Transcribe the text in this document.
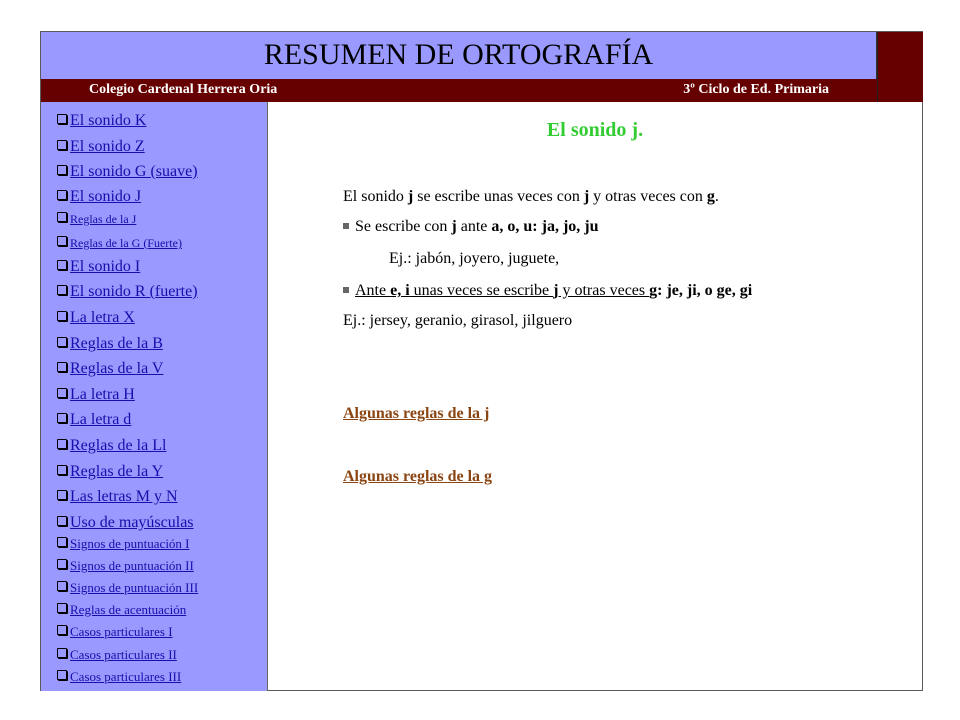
RESUMEN DE ORTOGRAFÍA
Colegio Cardenal Herrera Oria	3º Ciclo de Ed. Primaria
El sonido K
El sonido Z
El sonido G (suave)
El sonido J
Reglas de la J
Reglas de la G (Fuerte)
El sonido I
El sonido R (fuerte)
La letra X
Reglas de la B
Reglas de la V
La letra H
La letra d
Reglas de la Ll
Reglas de la Y
Las letras M y N
Uso de mayúsculas
Signos de puntuación I
Signos de puntuación II
Signos de puntuación III
Reglas de acentuación
Casos particulares I
Casos particulares II
Casos particulares III
El sonido j.
El sonido j se escribe unas veces con j y otras veces con g.
Se escribe con j ante a, o, u: ja, jo, ju
Ej.: jabón, joyero, juguete,
Ante e, i unas veces se escribe j y otras veces g: je, ji, o ge, gi
Ej.: jersey, geranio, girasol, jilguero
Algunas reglas de la j
Algunas reglas de la g
